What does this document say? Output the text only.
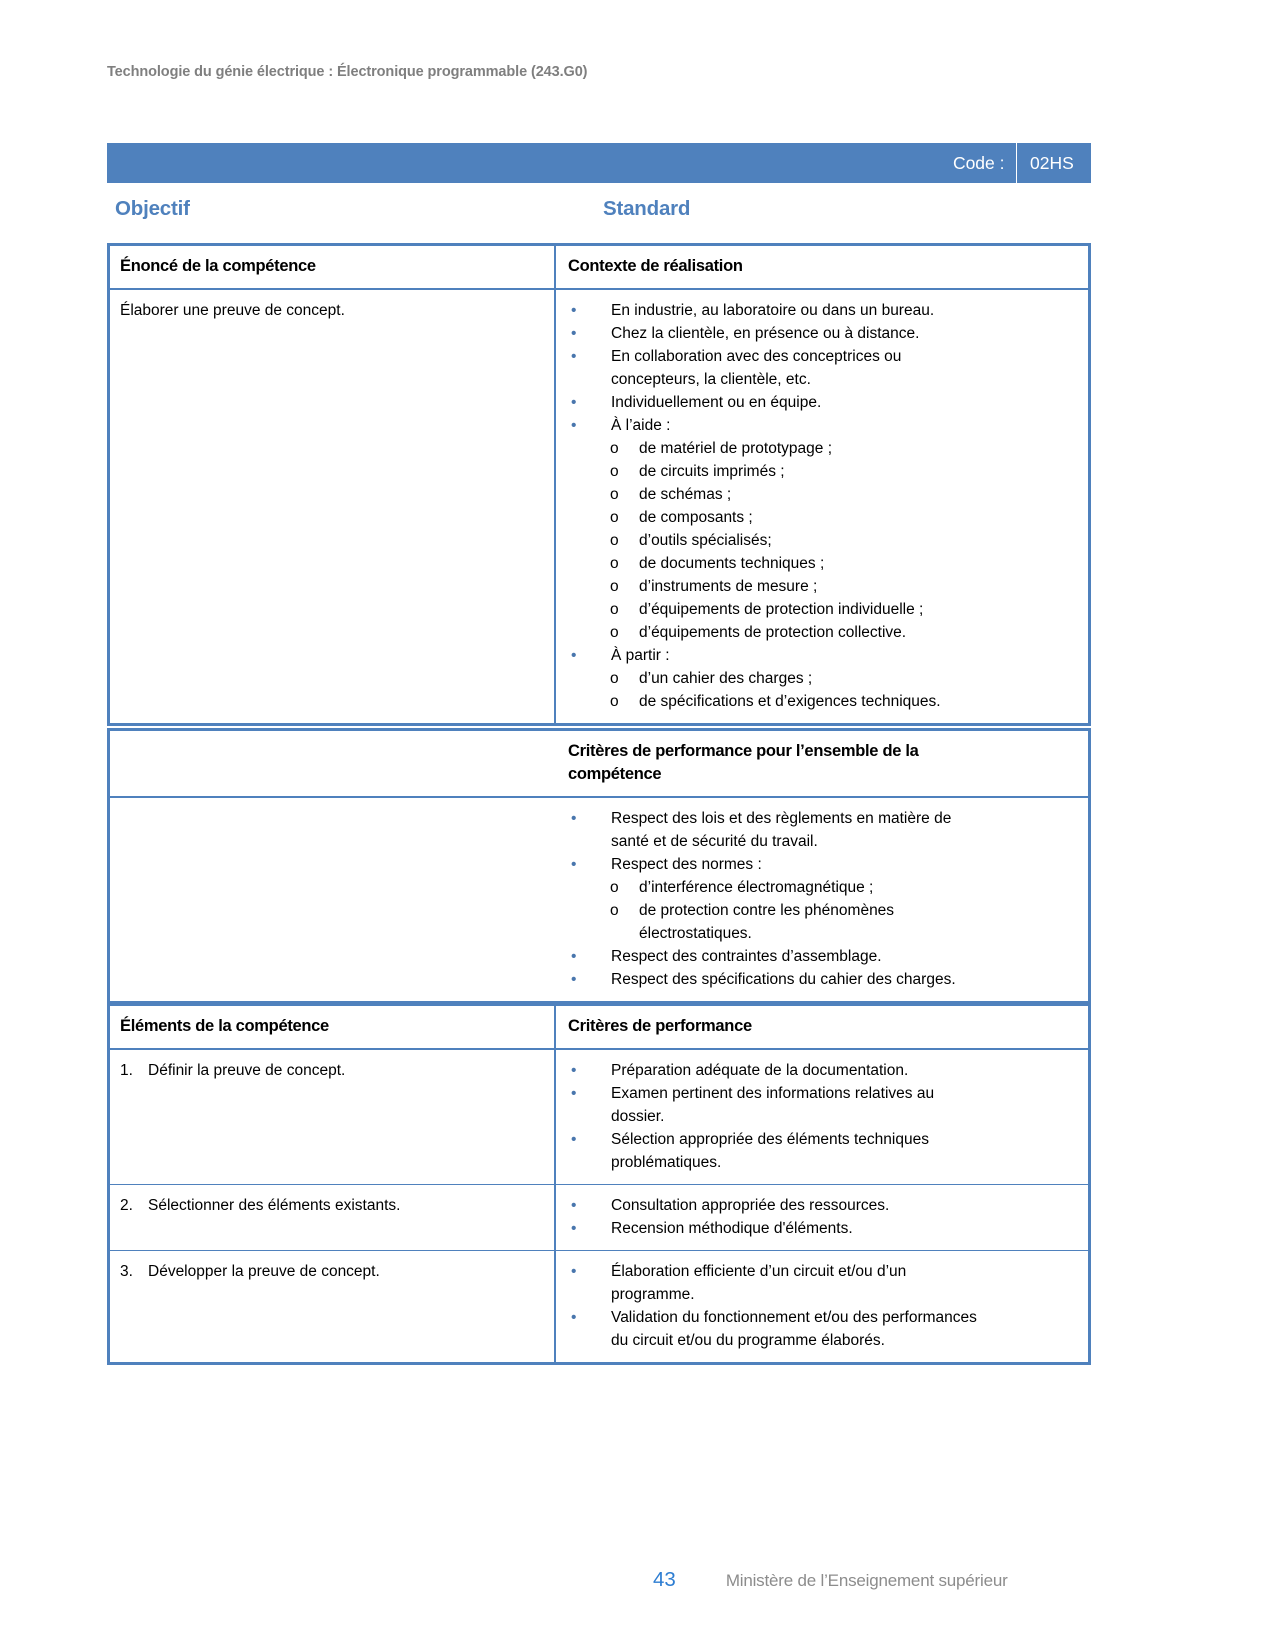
Technologie du génie électrique : Électronique programmable (243.G0)
Code :	02HS
Objectif	Standard
Énoncé de la compétence	Contexte de réalisation
Élaborer une preuve de concept.	•	En industrie, au laboratoire ou dans un bureau.
•	Chez la clientèle, en présence ou à distance.
•	En collaboration avec des conceptrices ou
concepteurs, la clientèle, etc.
•	Individuellement ou en équipe.
•	À l’aide :
o	de matériel de prototypage ;
o	de circuits imprimés ;
o	de schémas ;
o	de composants ;
o	d’outils spécialisés;
o	de documents techniques ;
o	d’instruments de mesure ;
o	d’équipements de protection individuelle ;
o	d’équipements de protection collective.
•	À partir :
o	d’un cahier des charges ;
o	de spécifications et d’exigences techniques.
Critères de performance pour l’ensemble de la compétence
•	Respect des lois et des règlements en matière de
santé et de sécurité du travail.
•	Respect des normes :
o	d’interférence électromagnétique ;
o	de protection contre les phénomènes
électrostatiques.
•	Respect des contraintes d’assemblage.
•	Respect des spécifications du cahier des charges.
Éléments de la compétence	Critères de performance
1. Définir la preuve de concept.	•	Préparation adéquate de la documentation.
•	Examen pertinent des informations relatives au
dossier.
•	Sélection appropriée des éléments techniques
problématiques.
2. Sélectionner des éléments existants.	•	Consultation appropriée des ressources.
•	Recension méthodique d'éléments.
3. Développer la preuve de concept.	•	Élaboration efficiente d’un circuit et/ou d’un
programme.
•	Validation du fonctionnement et/ou des performances
du circuit et/ou du programme élaborés.
43	Ministère de l’Enseignement supérieur
